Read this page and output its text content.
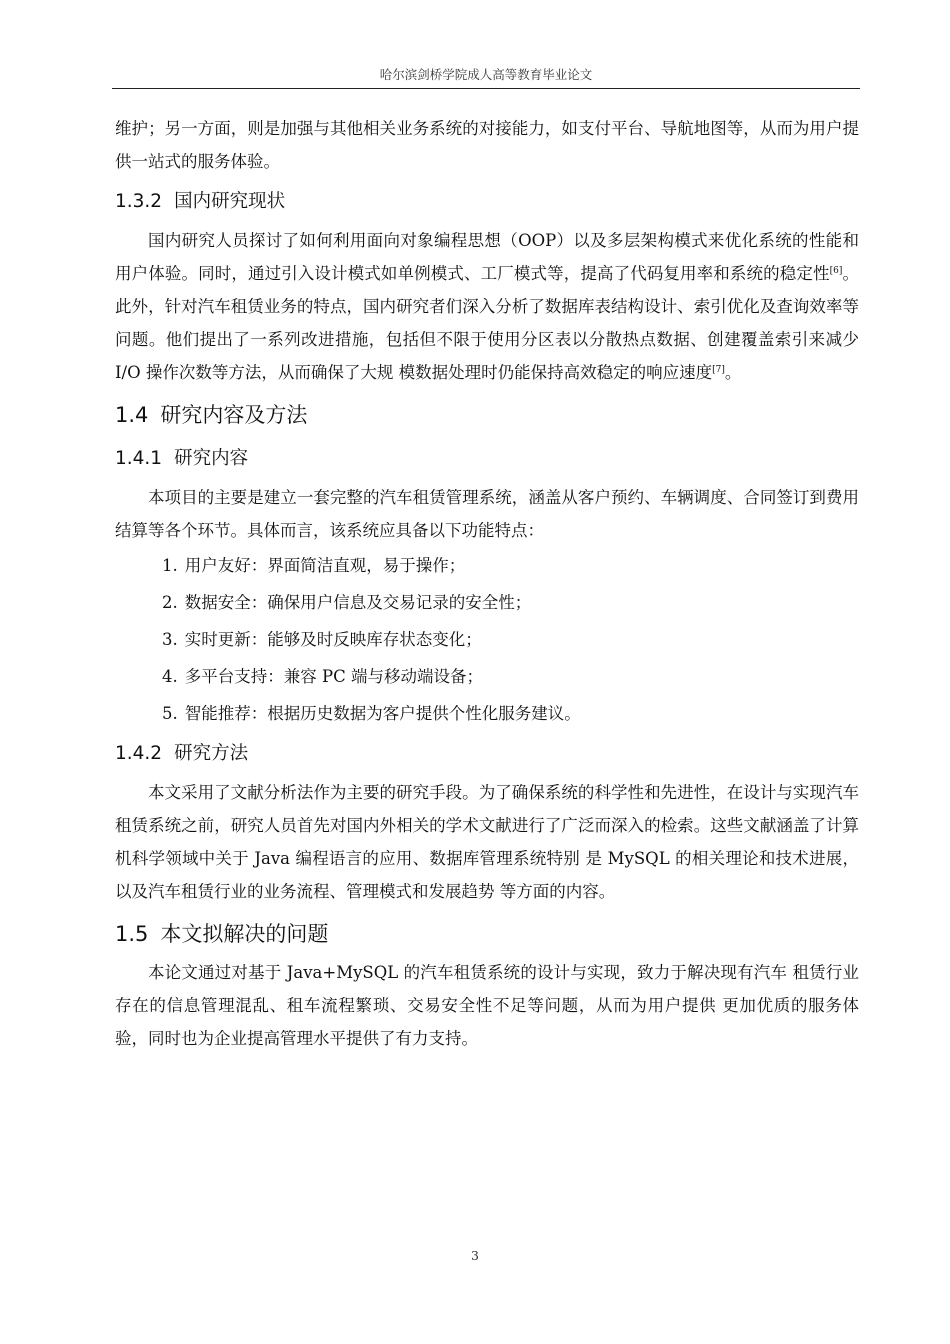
哈尔滨剑桥学院成人高等教育毕业论文

维护；另一方面，则是加强与其他相关业务系统的对接能力，如支付平台、导航地图等，从而为用户提供一站式的服务体验。

1.3.2 国内研究现状

国内研究人员探讨了如何利用面向对象编程思想（OOP）以及多层架构模式来优化系统的性能和用户体验。同时，通过引入设计模式如单例模式、工厂模式等，提高了代码复用率和系统的稳定性[6]。此外，针对汽车租赁业务的特点，国内研究者们深入分析了数据库表结构设计、索引优化及查询效率等问题。他们提出了一系列改进措施，包括但不限于使用分区表以分散热点数据、创建覆盖索引来减少 I/O 操作次数等方法，从而确保了大规 模数据处理时仍能保持高效稳定的响应速度[7]。

1.4 研究内容及方法
1.4.1 研究内容

本项目的主要是建立一套完整的汽车租赁管理系统，涵盖从客户预约、车辆调度、合同签订到费用结算等各个环节。具体而言，该系统应具备以下功能特点：

1. 用户友好：界面简洁直观，易于操作；
2. 数据安全：确保用户信息及交易记录的安全性；
3. 实时更新：能够及时反映库存状态变化；
4. 多平台支持：兼容 PC 端与移动端设备；
5. 智能推荐：根据历史数据为客户提供个性化服务建议。
1.4.2 研究方法

本文采用了文献分析法作为主要的研究手段。为了确保系统的科学性和先进性，在设计与实现汽车租赁系统之前，研究人员首先对国内外相关的学术文献进行了广泛而深入的检索。这些文献涵盖了计算机科学领域中关于 Java 编程语言的应用、数据库管理系统特别 是 MySQL 的相关理论和技术进展，以及汽车租赁行业的业务流程、管理模式和发展趋势 等方面的内容。

1.5 本文拟解决的问题

本论文通过对基于 Java+MySQL 的汽车租赁系统的设计与实现，致力于解决现有汽车 租赁行业存在的信息管理混乱、租车流程繁琐、交易安全性不足等问题，从而为用户提供 更加优质的服务体验，同时也为企业提高管理水平提供了有力支持。

3
